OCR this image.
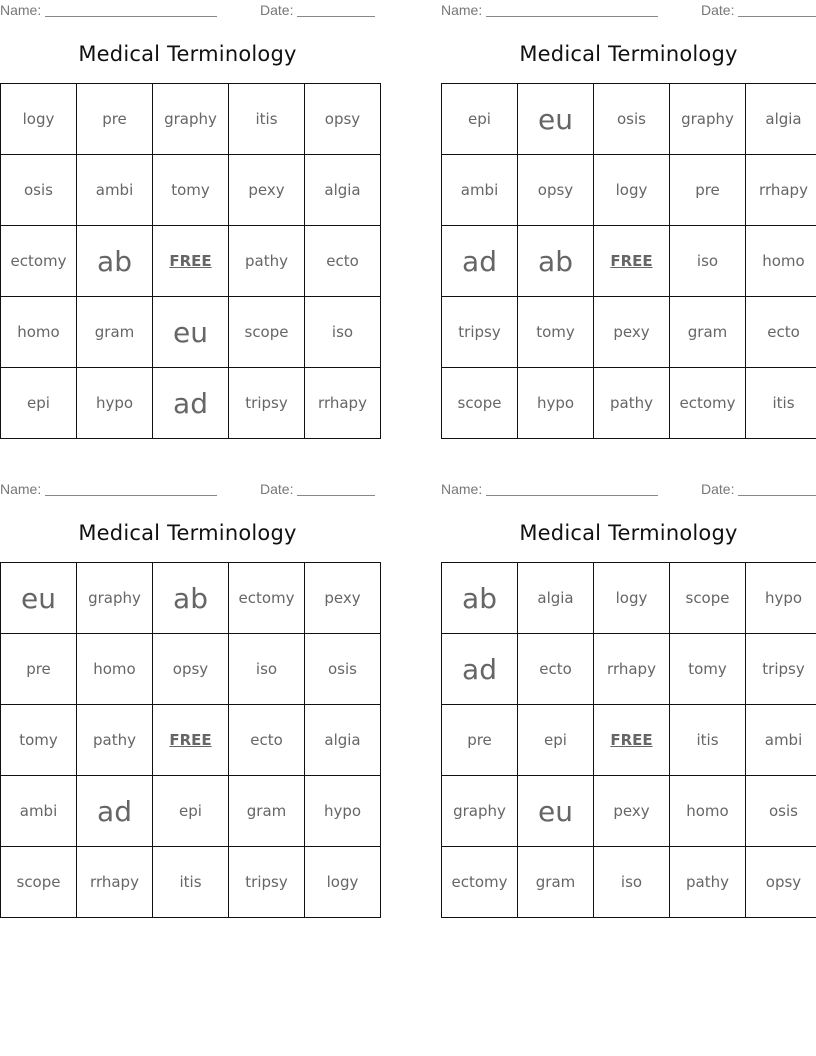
Name:	Date:
Medical Terminology
logy	pre	graphy	itis	opsy
osis	ambi	tomy	pexy	algia
ectomy	ab	FREE	pathy	ecto
homo	gram	eu	scope	iso
epi	hypo	ad	tripsy	rrhapy
Name:	Date:
Medical Terminology
epi	eu	osis	graphy	algia
ambi	opsy	logy	pre	rrhapy
ad	ab	FREE	iso	homo
tripsy	tomy	pexy	gram	ecto
scope	hypo	pathy	ectomy	itis
Name:	Date:
Medical Terminology
eu	graphy	ab	ectomy	pexy
pre	homo	opsy	iso	osis
tomy	pathy	FREE	ecto	algia
ambi	ad	epi	gram	hypo
scope	rrhapy	itis	tripsy	logy
Name:	Date:
Medical Terminology
ab	algia	logy	scope	hypo
ad	ecto	rrhapy	tomy	tripsy
pre	epi	FREE	itis	ambi
graphy	eu	pexy	homo	osis
ectomy	gram	iso	pathy	opsy
